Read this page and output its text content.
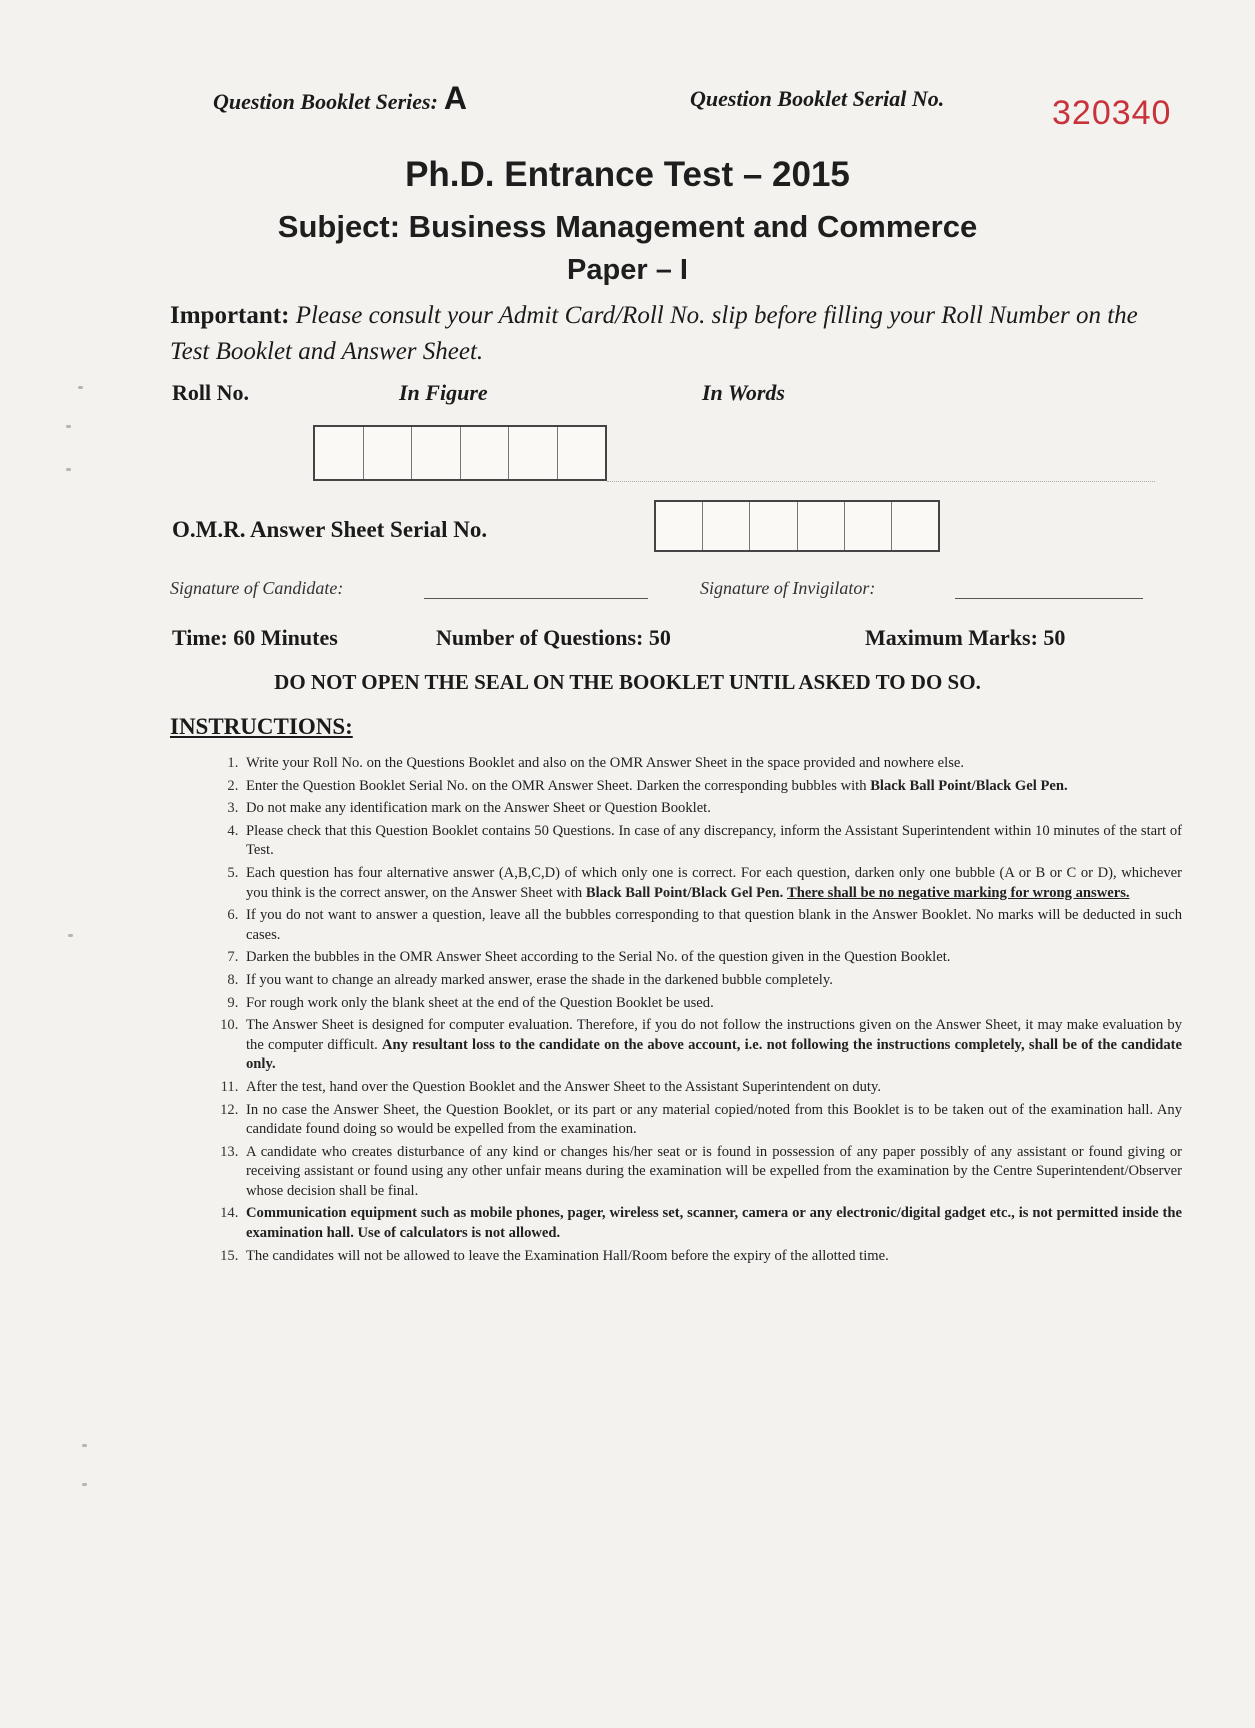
Question Booklet Series: A	Question Booklet Serial No.	320340
Ph.D. Entrance Test – 2015
Subject: Business Management and Commerce
Paper – I
Important: Please consult your Admit Card/Roll No. slip before filling your Roll Number on the Test Booklet and Answer Sheet.
Roll No.	In Figure	In Words
O.M.R. Answer Sheet Serial No.
Signature of Candidate:	Signature of Invigilator:
Time: 60 Minutes	Number of Questions: 50	Maximum Marks: 50
DO NOT OPEN THE SEAL ON THE BOOKLET UNTIL ASKED TO DO SO.
INSTRUCTIONS:
1. Write your Roll No. on the Questions Booklet and also on the OMR Answer Sheet in the space provided and nowhere else.
2. Enter the Question Booklet Serial No. on the OMR Answer Sheet. Darken the corresponding bubbles with Black Ball Point/Black Gel Pen.
3. Do not make any identification mark on the Answer Sheet or Question Booklet.
4. Please check that this Question Booklet contains 50 Questions. In case of any discrepancy, inform the Assistant Superintendent within 10 minutes of the start of Test.
5. Each question has four alternative answer (A,B,C,D) of which only one is correct. For each question, darken only one bubble (A or B or C or D), whichever you think is the correct answer, on the Answer Sheet with Black Ball Point/Black Gel Pen. There shall be no negative marking for wrong answers.
6. If you do not want to answer a question, leave all the bubbles corresponding to that question blank in the Answer Booklet. No marks will be deducted in such cases.
7. Darken the bubbles in the OMR Answer Sheet according to the Serial No. of the question given in the Question Booklet.
8. If you want to change an already marked answer, erase the shade in the darkened bubble completely.
9. For rough work only the blank sheet at the end of the Question Booklet be used.
10. The Answer Sheet is designed for computer evaluation. Therefore, if you do not follow the instructions given on the Answer Sheet, it may make evaluation by the computer difficult. Any resultant loss to the candidate on the above account, i.e. not following the instructions completely, shall be of the candidate only.
11. After the test, hand over the Question Booklet and the Answer Sheet to the Assistant Superintendent on duty.
12. In no case the Answer Sheet, the Question Booklet, or its part or any material copied/noted from this Booklet is to be taken out of the examination hall. Any candidate found doing so would be expelled from the examination.
13. A candidate who creates disturbance of any kind or changes his/her seat or is found in possession of any paper possibly of any assistant or found giving or receiving assistant or found using any other unfair means during the examination will be expelled from the examination by the Centre Superintendent/Observer whose decision shall be final.
14. Communication equipment such as mobile phones, pager, wireless set, scanner, camera or any electronic/digital gadget etc., is not permitted inside the examination hall. Use of calculators is not allowed.
15. The candidates will not be allowed to leave the Examination Hall/Room before the expiry of the allotted time.
